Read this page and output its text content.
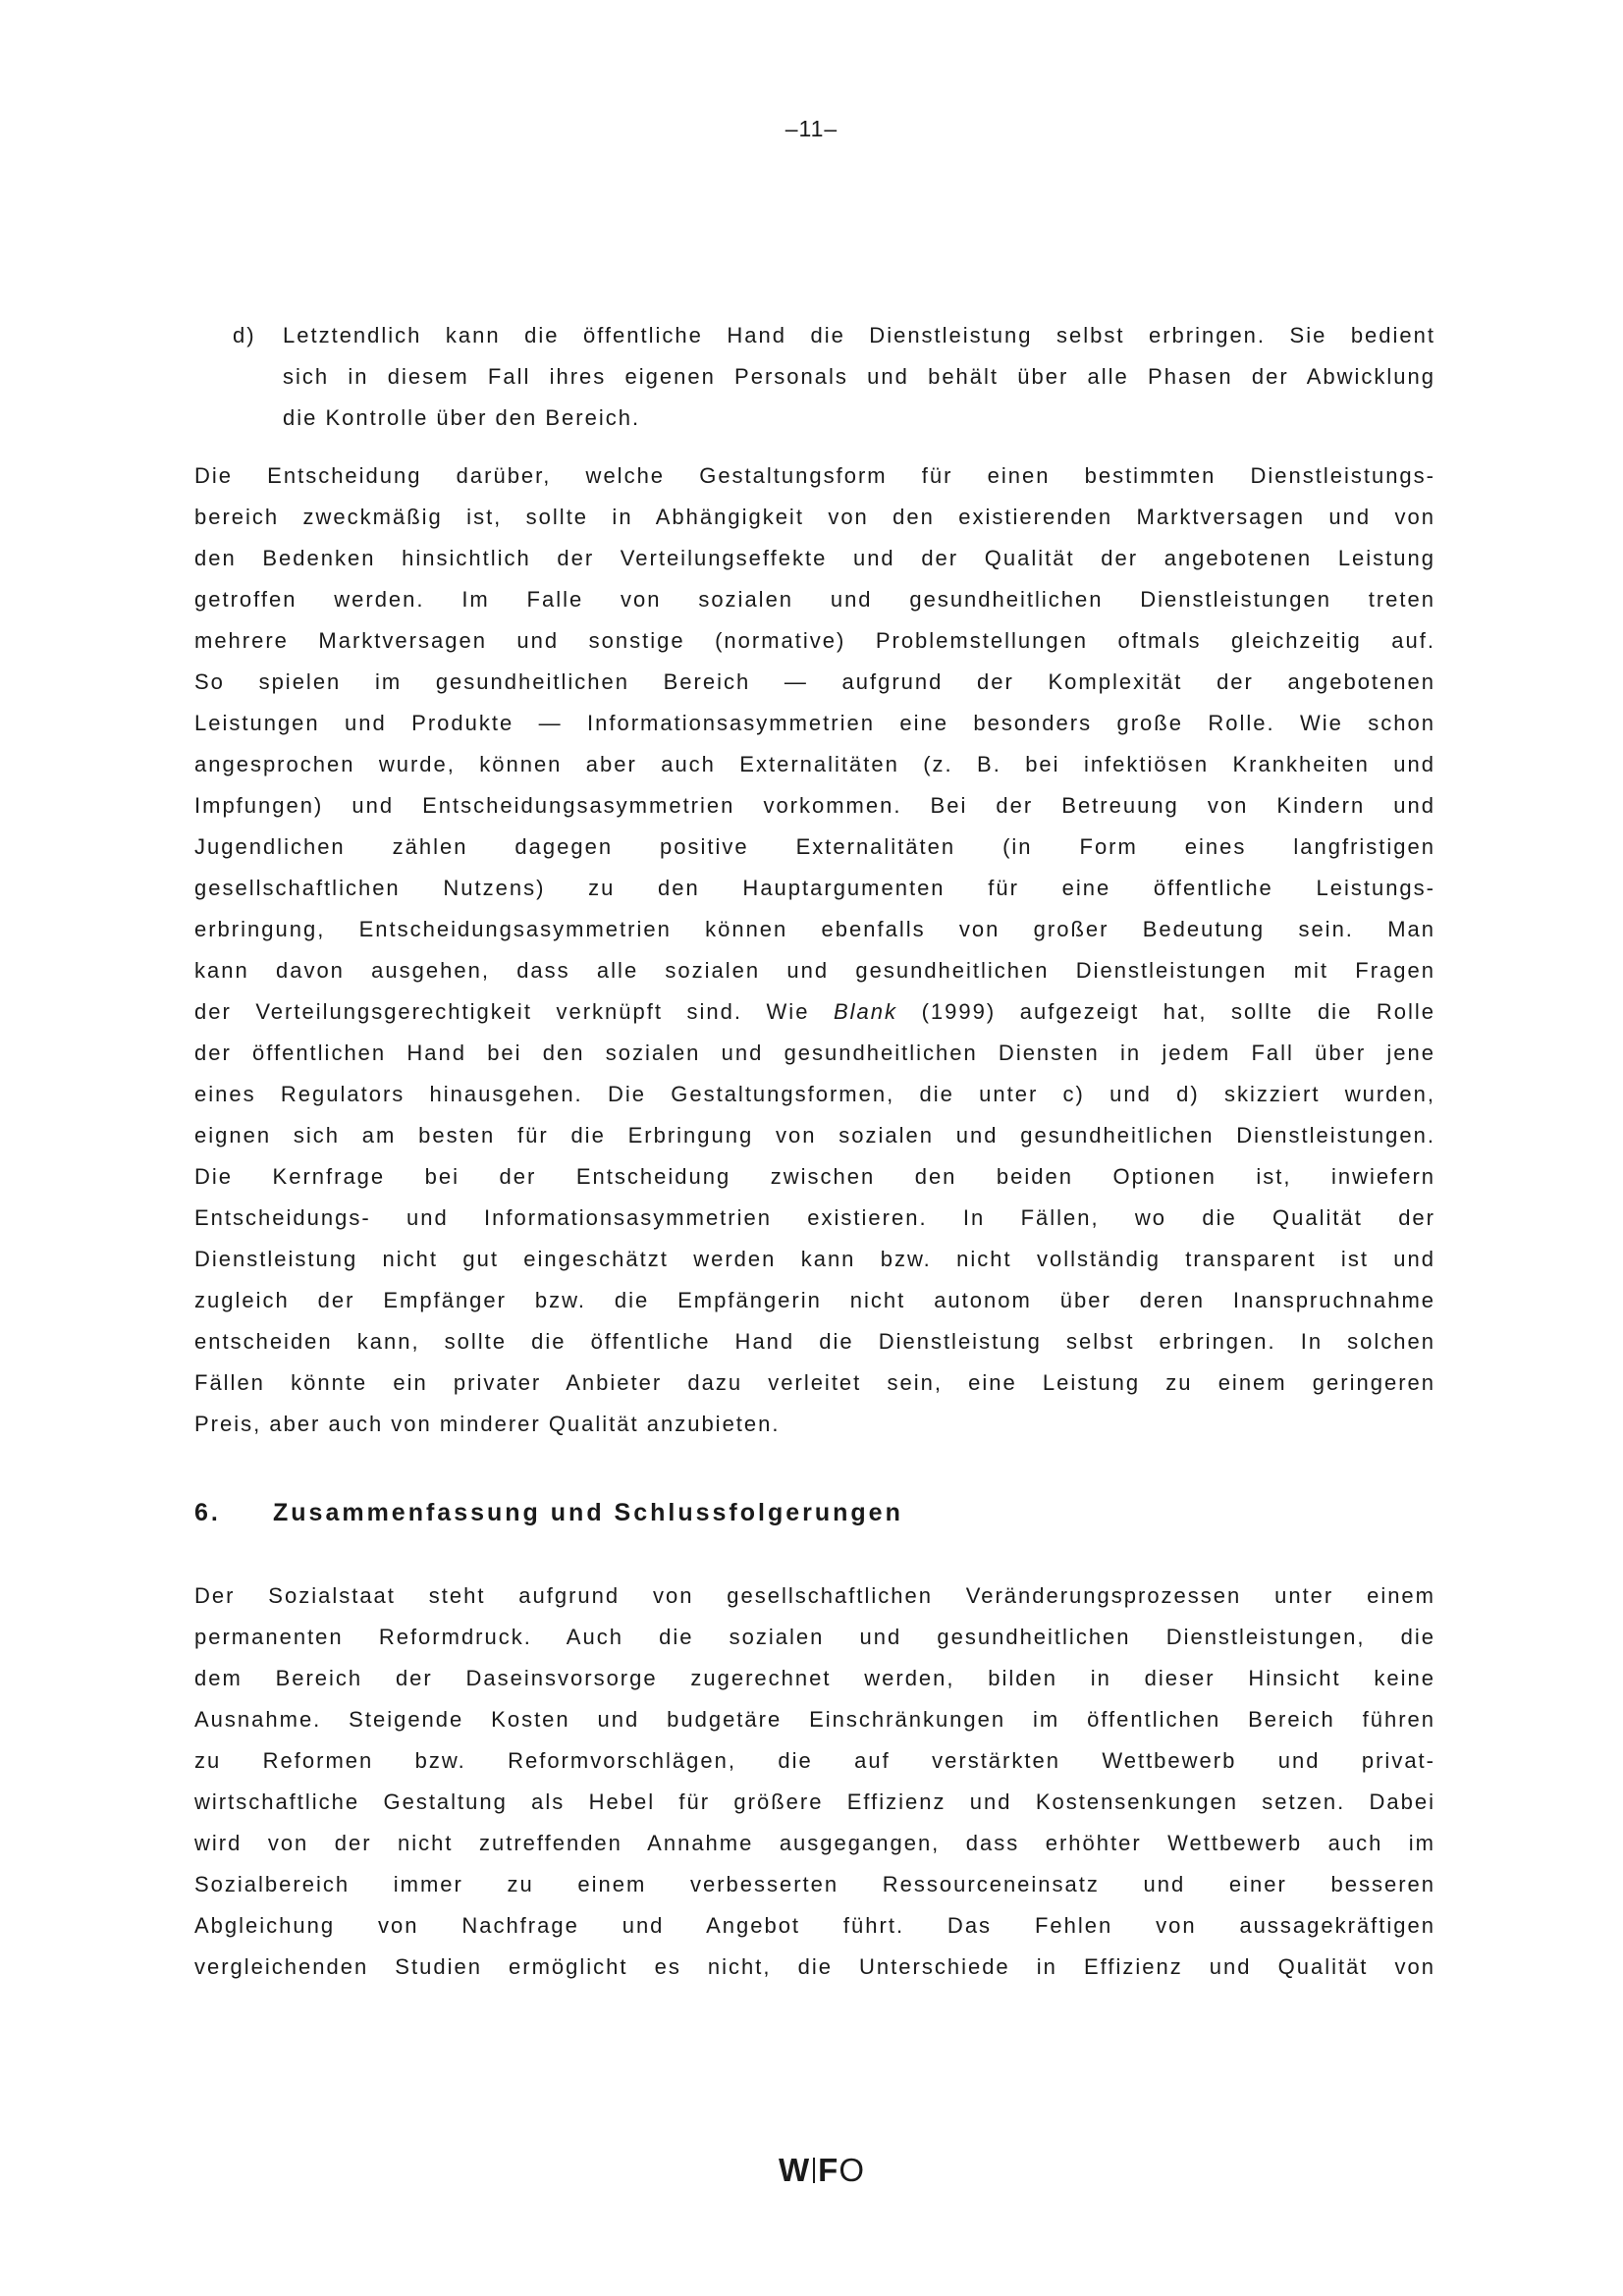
–11–
d) Letztendlich kann die öffentliche Hand die Dienstleistung selbst erbringen. Sie bedient
sich in diesem Fall ihres eigenen Personals und behält über alle Phasen der Abwicklung
die Kontrolle über den Bereich.
Die Entscheidung darüber, welche Gestaltungsform für einen bestimmten Dienstleistungs-
bereich zweckmäßig ist, sollte in Abhängigkeit von den existierenden Marktversagen und von
den Bedenken hinsichtlich der Verteilungseffekte und der Qualität der angebotenen Leistung
getroffen werden. Im Falle von sozialen und gesundheitlichen Dienstleistungen treten
mehrere Marktversagen und sonstige (normative) Problemstellungen oftmals gleichzeitig auf.
So spielen im gesundheitlichen Bereich — aufgrund der Komplexität der angebotenen
Leistungen und Produkte — Informationsasymmetrien eine besonders große Rolle. Wie schon
angesprochen wurde, können aber auch Externalitäten (z. B. bei infektiösen Krankheiten und
Impfungen) und Entscheidungsasymmetrien vorkommen. Bei der Betreuung von Kindern und
Jugendlichen zählen dagegen positive Externalitäten (in Form eines langfristigen
gesellschaftlichen Nutzens) zu den Hauptargumenten für eine öffentliche Leistungs-
erbringung, Entscheidungsasymmetrien können ebenfalls von großer Bedeutung sein. Man
kann davon ausgehen, dass alle sozialen und gesundheitlichen Dienstleistungen mit Fragen
der Verteilungsgerechtigkeit verknüpft sind. Wie Blank (1999) aufgezeigt hat, sollte die Rolle
der öffentlichen Hand bei den sozialen und gesundheitlichen Diensten in jedem Fall über jene
eines Regulators hinausgehen. Die Gestaltungsformen, die unter c) und d) skizziert wurden,
eignen sich am besten für die Erbringung von sozialen und gesundheitlichen Dienstleistungen.
Die Kernfrage bei der Entscheidung zwischen den beiden Optionen ist, inwiefern
Entscheidungs- und Informationsasymmetrien existieren. In Fällen, wo die Qualität der
Dienstleistung nicht gut eingeschätzt werden kann bzw. nicht vollständig transparent ist und
zugleich der Empfänger bzw. die Empfängerin nicht autonom über deren Inanspruchnahme
entscheiden kann, sollte die öffentliche Hand die Dienstleistung selbst erbringen. In solchen
Fällen könnte ein privater Anbieter dazu verleitet sein, eine Leistung zu einem geringeren
Preis, aber auch von minderer Qualität anzubieten.
6. Zusammenfassung und Schlussfolgerungen
Der Sozialstaat steht aufgrund von gesellschaftlichen Veränderungsprozessen unter einem
permanenten Reformdruck. Auch die sozialen und gesundheitlichen Dienstleistungen, die
dem Bereich der Daseinsvorsorge zugerechnet werden, bilden in dieser Hinsicht keine
Ausnahme. Steigende Kosten und budgetäre Einschränkungen im öffentlichen Bereich führen
zu Reformen bzw. Reformvorschlägen, die auf verstärkten Wettbewerb und privat-
wirtschaftliche Gestaltung als Hebel für größere Effizienz und Kostensenkungen setzen. Dabei
wird von der nicht zutreffenden Annahme ausgegangen, dass erhöhter Wettbewerb auch im
Sozialbereich immer zu einem verbesserten Ressourceneinsatz und einer besseren
Abgleichung von Nachfrage und Angebot führt. Das Fehlen von aussagekräftigen
vergleichenden Studien ermöglicht es nicht, die Unterschiede in Effizienz und Qualität von
W F O
